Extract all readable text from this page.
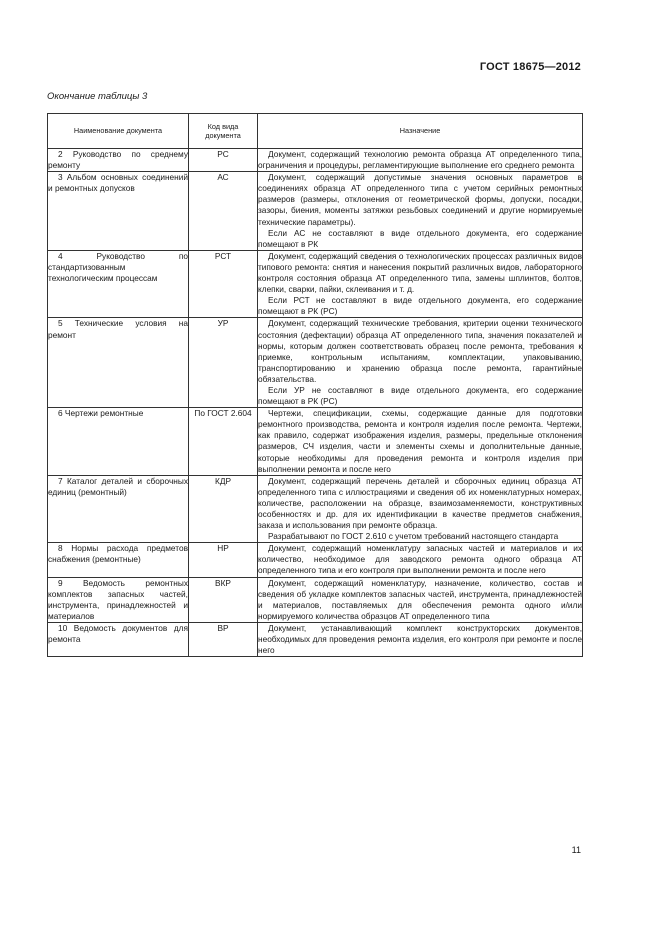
ГОСТ 18675—2012
Окончание таблицы 3
Наименование документа	Код вида документа	Назначение
2 Руководство по среднему ремонту	РС	Документ, содержащий технологию ремонта образца АТ определенного типа, ограничения и процедуры, регламентирующие выполнение его среднего ремонта

3 Альбом основных соединений и ремонтных допусков	АС	Документ, содержащий допустимые значения основных параметров в соединениях образца АТ определенного типа с учетом серийных ремонтных размеров (размеры, отклонения от геометрической формы, допуски, посадки, зазоры, биения, моменты затяжки резьбовых соединений и другие нормируемые технические параметры).

Если АС не составляют в виде отдельного документа, его содержание помещают в РК

4 Руководство по стандартизованным технологическим процессам	РСТ	Документ, содержащий сведения о технологических процессах различных видов типового ремонта: снятия и нанесения покрытий различных видов, лабораторного контроля состояния образца АТ определенного типа, замены шплинтов, болтов, клепки, сварки, пайки, склеивания и т. д.

Если РСТ не составляют в виде отдельного документа, его содержание помещают в РК (РС)

5 Технические условия на ремонт	УР	Документ, содержащий технические требования, критерии оценки технического состояния (дефектации) образца АТ определенного типа, значения показателей и нормы, которым должен соответствовать образец после ремонта, требования к приемке, контрольным испытаниям, комплектации, упаковыванию, транспортированию и хранению образца после ремонта, гарантийные обязательства.

Если УР не составляют в виде отдельного документа, его содержание помещают в РК (РС)

6 Чертежи ремонтные	По ГОСТ 2.604	Чертежи, спецификации, схемы, содержащие данные для подготовки ремонтного производства, ремонта и контроля изделия после ремонта. Чертежи, как правило, содержат изображения изделия, размеры, предельные отклонения размеров, СЧ изделия, части и элементы схемы и дополнительные данные, которые необходимы для проведения ремонта и контроля изделия при выполнении ремонта и после него

7 Каталог деталей и сборочных единиц (ремонтный)	КДР	Документ, содержащий перечень деталей и сборочных единиц образца АТ определенного типа с иллюстрациями и сведения об их номенклатурных номерах, количестве, расположении на образце, взаимозаменяемости, конструктивных особенностях и др. для их идентификации в качестве предметов снабжения, заказа и использования при ремонте образца.

Разрабатывают по ГОСТ 2.610 с учетом требований настоящего стандарта

8 Нормы расхода предметов снабжения (ремонтные)	НР	Документ, содержащий номенклатуру запасных частей и материалов и их количество, необходимое для заводского ремонта одного образца АТ определенного типа и его контроля при выполнении ремонта и после него

9 Ведомость ремонтных комплектов запасных частей, инструмента, принадлежностей и материалов	ВКР	Документ, содержащий номенклатуру, назначение, количество, состав и сведения об укладке комплектов запасных частей, инструмента, принадлежностей и материалов, поставляемых для обеспечения ремонта одного и/или нормируемого количества образцов АТ определенного типа

10 Ведомость документов для ремонта	ВР	Документ, устанавливающий комплект конструкторских документов, необходимых для проведения ремонта изделия, его контроля при ремонте и после него

11
